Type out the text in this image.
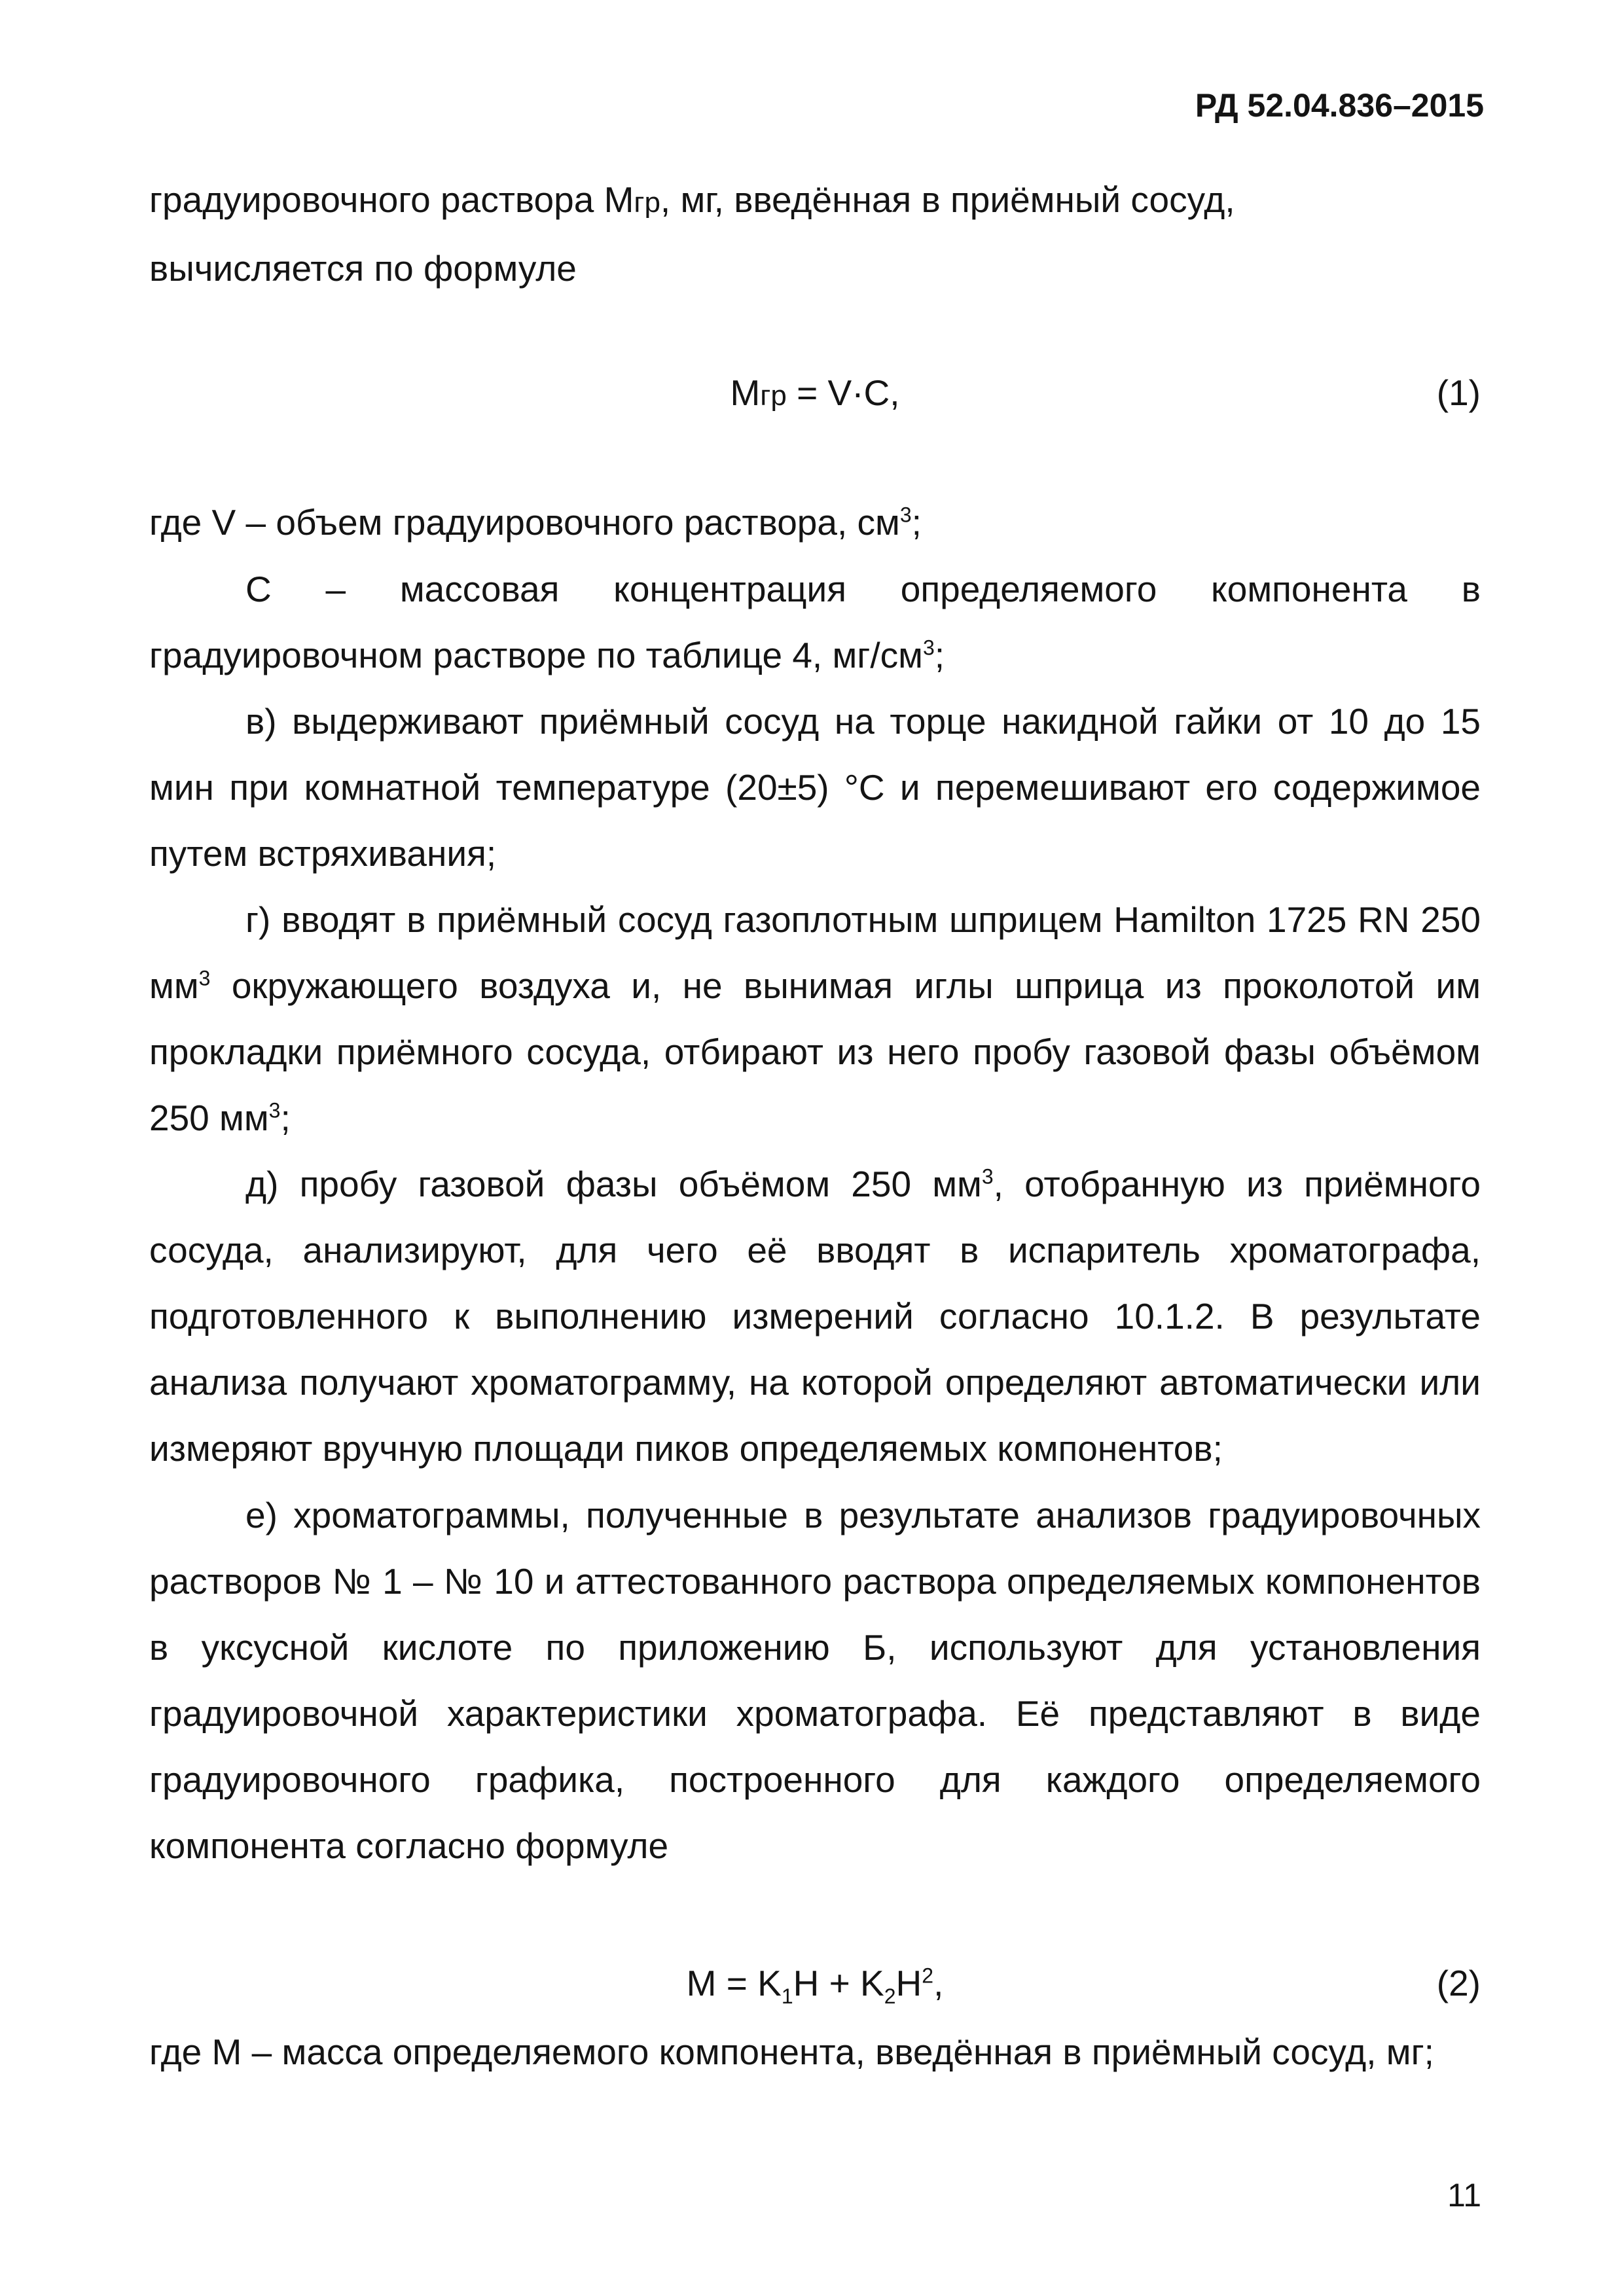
РД 52.04.836–2015
градуировочного раствора Mгр, мг, введённая в приёмный сосуд,
вычисляется по формуле
Mгр = V·C,	(1)
где V – объем градуировочного раствора, $см^3$;
С – массовая концентрация определяемого компонента в градуировочном растворе по таблице 4, $мг/см^3$;
в) выдерживают приёмный сосуд на торце накидной гайки от 10 до 15 мин при комнатной температуре (20±5) °С и перемешивают его содержимое путем встряхивания;
г) вводят в приёмный сосуд газоплотным шприцем Hamilton 1725 RN 250 $мм^3$ окружающего воздуха и, не вынимая иглы шприца из проколотой им прокладки приёмного сосуда, отбирают из него пробу газовой фазы объёмом 250 $мм^3$;
д) пробу газовой фазы объёмом 250 $мм^3$, отобранную из приёмного сосуда, анализируют, для чего её вводят в испаритель хроматографа, подготовленного к выполнению измерений согласно 10.1.2. В результате анализа получают хроматограмму, на которой определяют автоматически или измеряют вручную площади пиков определяемых компонентов;
е) хроматограммы, полученные в результате анализов градуировочных растворов № 1 – № 10 и аттестованного раствора определяемых компонентов в уксусной кислоте по приложению Б, используют для установления градуировочной характеристики хроматографа. Её представляют в виде градуировочного графика, построенного для каждого определяемого компонента согласно формуле
$M = K_1H + K_2H^2$,	(2)
где M – масса определяемого компонента, введённая в приёмный сосуд, мг;
11
